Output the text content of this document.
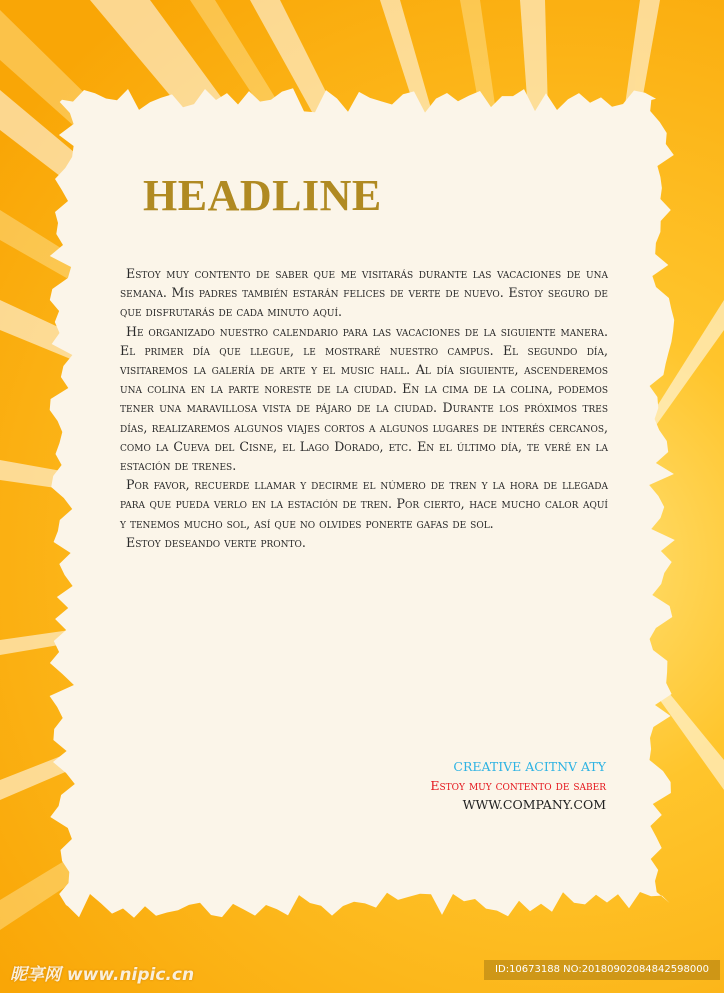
HEADLINE

Estoy muy contento de saber que me visitarás durante las vacaciones de una semana. Mis padres también estarán felices de verte de nuevo. Estoy seguro de que disfrutarás de cada minuto aquí.

He organizado nuestro calendario para las vacaciones de la siguiente manera. El primer día que llegue, le mostraré nuestro campus. El segundo día, visitaremos la galería de arte y el music hall. Al día siguiente, ascenderemos una colina en la parte noreste de la ciudad. En la cima de la colina, podemos tener una maravillosa vista de pájaro de la ciudad. Durante los próximos tres días, realizaremos algunos viajes cortos a algunos lugares de interés cercanos, como la Cueva del Cisne, el Lago Dorado, etc. En el último día, te veré en la estación de trenes.

Por favor, recuerde llamar y decirme el número de tren y la hora de llegada para que pueda verlo en la estación de tren. Por cierto, hace mucho calor aquí y tenemos mucho sol, así que no olvides ponerte gafas de sol.

Estoy deseando verte pronto.

CREATIVE ACITNV ATY
Estoy muy contento de saber
WWW.COMPANY.COM
昵享网 www.nipic.cn	ID:10673188 NO:20180902084842598000
